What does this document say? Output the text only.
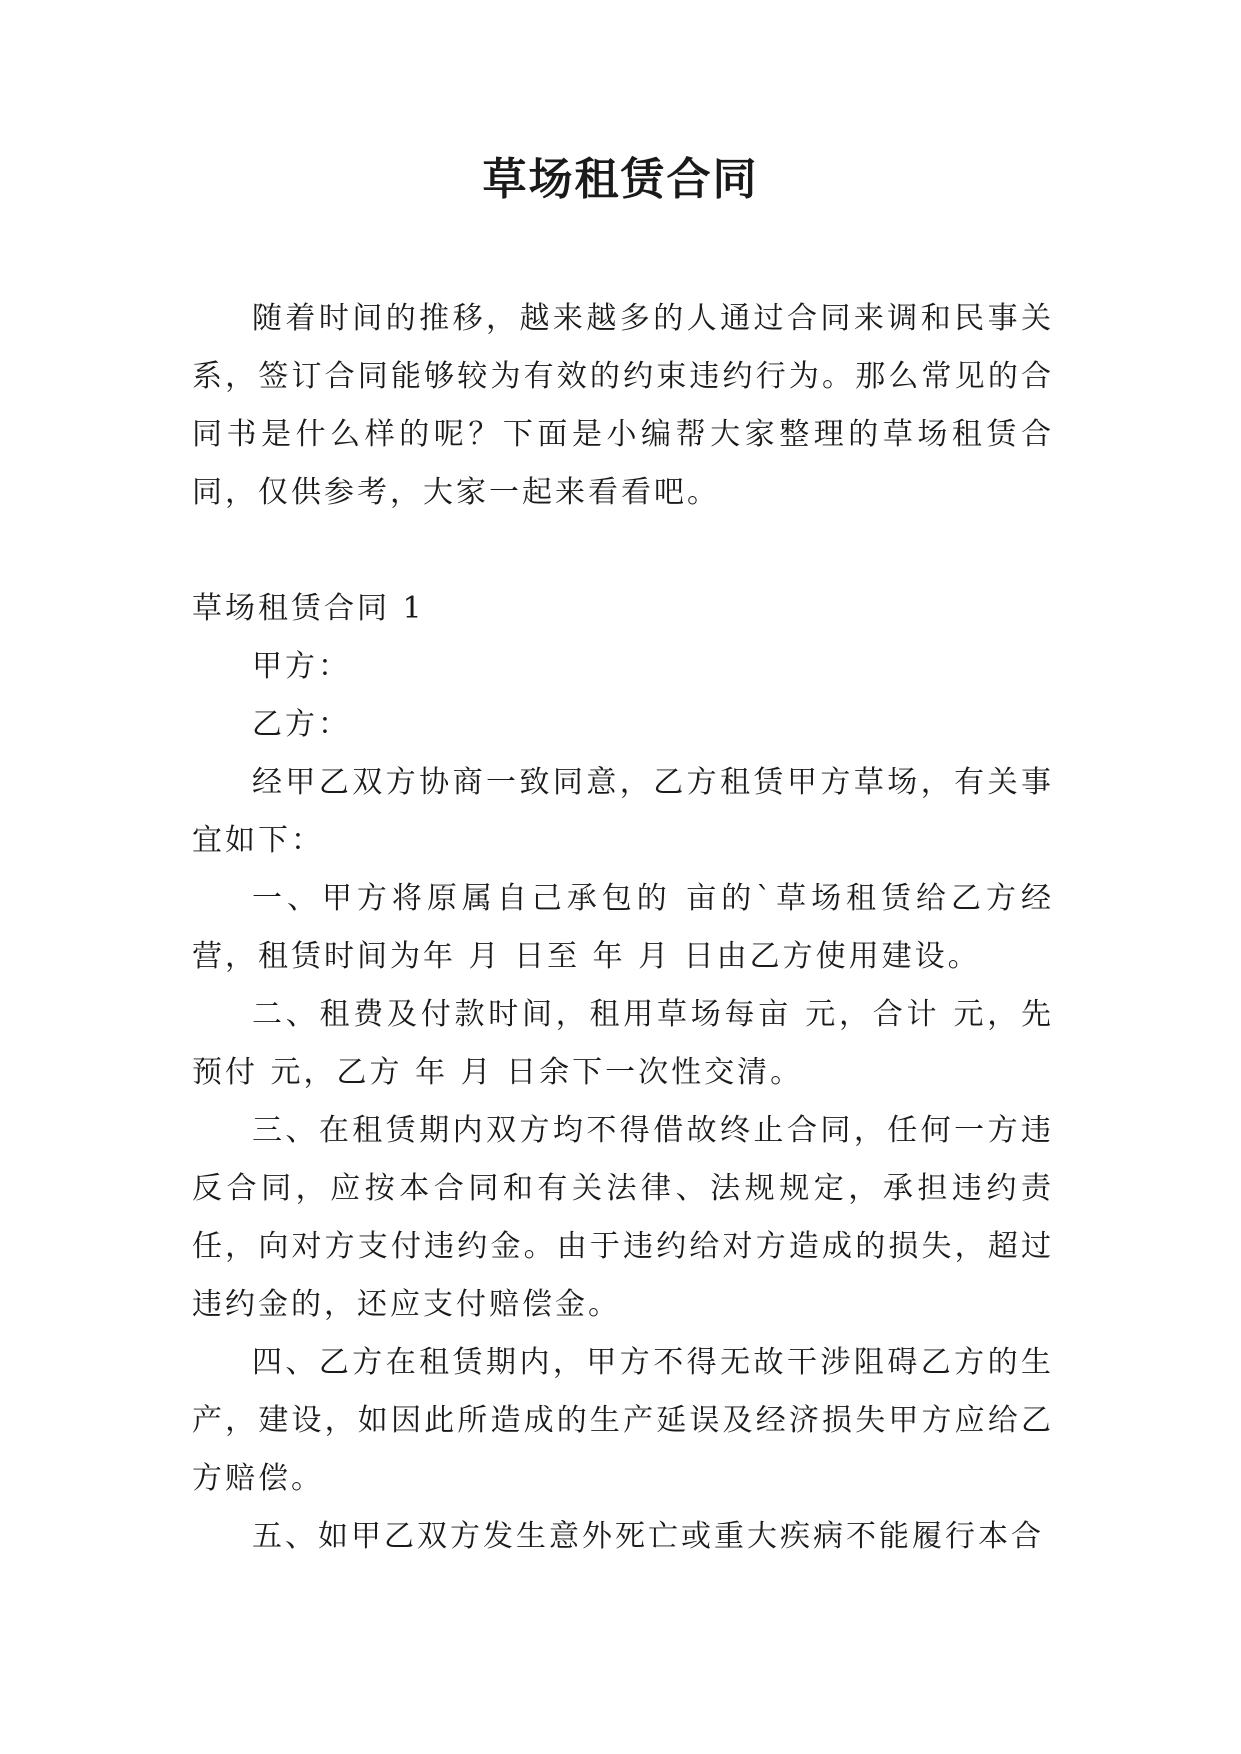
草场租赁合同

随着时间的推移，越来越多的人通过合同来调和民事关系，签订合同能够较为有效的约束违约行为。那么常见的合同书是什么样的呢？下面是小编帮大家整理的草场租赁合同，仅供参考，大家一起来看看吧。

草场租赁合同 1

甲方：

乙方：

经甲乙双方协商一致同意，乙方租赁甲方草场，有关事宜如下：

一、甲方将原属自己承包的 亩的`草场租赁给乙方经营，租赁时间为年 月 日至 年 月 日由乙方使用建设。

二、租费及付款时间，租用草场每亩 元，合计 元，先预付 元，乙方 年 月 日余下一次性交清。

三、在租赁期内双方均不得借故终止合同，任何一方违反合同，应按本合同和有关法律、法规规定，承担违约责任，向对方支付违约金。由于违约给对方造成的损失，超过违约金的，还应支付赔偿金。

四、乙方在租赁期内，甲方不得无故干涉阻碍乙方的生产，建设，如因此所造成的生产延误及经济损失甲方应给乙方赔偿。

五、如甲乙双方发生意外死亡或重大疾病不能履行本合
